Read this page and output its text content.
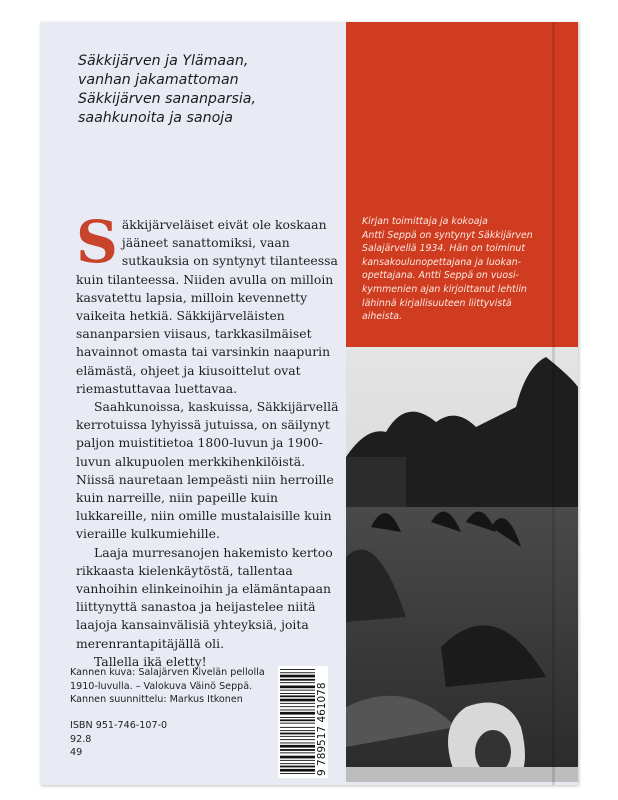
Säkkijärven ja Ylämaan,
vanhan jakamattoman
Säkkijärven sananparsia,
saahkunoita ja sanoja

Säkkijärveläiset eivät ole koskaan jääneet sanattomiksi, vaan sutkauksia on syntynyt tilanteessa kuin tilanteessa. Niiden avulla on milloin kasvatettu lapsia, milloin kevennetty vaikeita hetkiä. Säkkijärveläisten sananparsien viisaus, tarkkasilmäiset havainnot omasta tai varsinkin naapurin elämästä, ohjeet ja kiusoittelut ovat riemastuttavaa luettavaa.

Saahkunoissa, kaskuissa, Säkkijärvellä kerrotuissa lyhyissä jutuissa, on säilynyt paljon muistitietoa 1800-luvun ja 1900-luvun alkupuolen merkkihenkilöistä. Niissä nauretaan lempeästi niin herroille kuin narreille, niin papeille kuin lukkareille, niin omille mustalaisille kuin vieraille kulkumiehille.

Laaja murresanojen hakemisto kertoo rikkaasta kielenkäytöstä, tallentaa vanhoihin elinkeinoihin ja elämäntapaan liittynyttä sanastoa ja heijastelee niitä laajoja kansainvälisiä yhteyksiä, joita merenrantapitäjällä oli.

Tallella ikä eletty!

Kannen kuva: Salajärven Kivelän pellolla
1910-luvulla. – Valokuva Väinö Seppä.
Kannen suunnittelu: Markus Itkonen
ISBN 951-746-107-0
92.8
49	9 789517 461078
Kirjan toimittaja ja kokoaja
Antti Seppä on syntynyt Säkkijärven
Salajärvellä 1934. Hän on toiminut
kansakoulunopettajana ja luokan-
opettajana. Antti Seppä on vuosi-
kymmenien ajan kirjoittanut lehtiin
lähinnä kirjallisuuteen liittyvistä
aiheista.
